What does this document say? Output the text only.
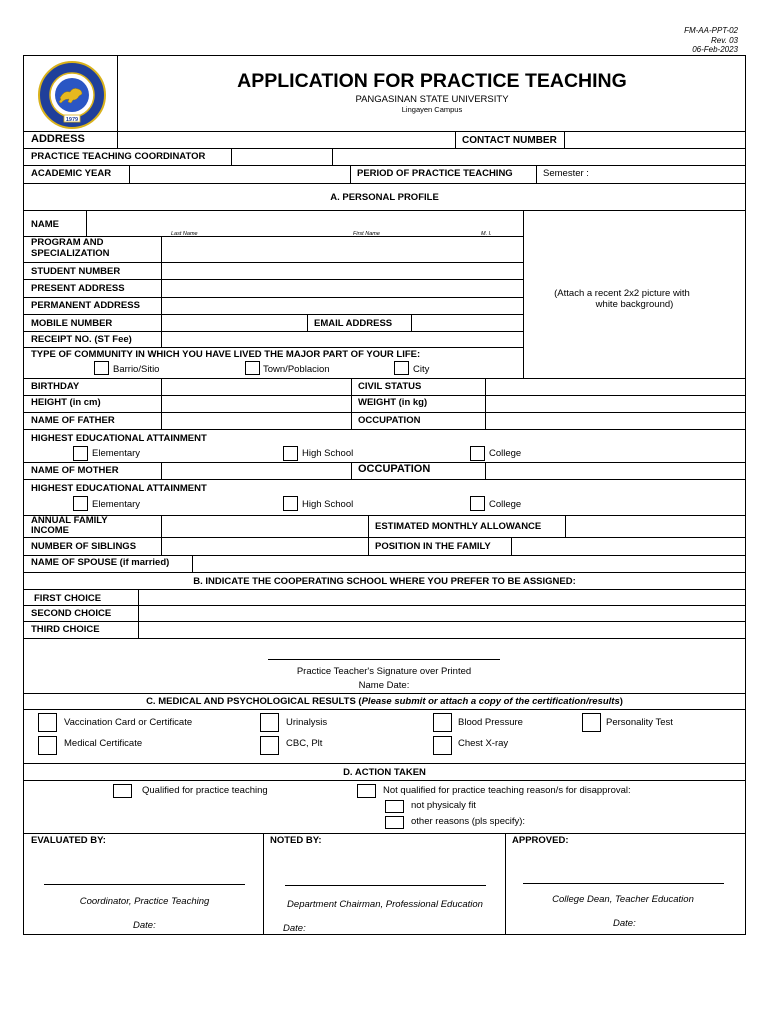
FM-AA-PPT-02
Rev. 03
06-Feb-2023
1979
APPLICATION FOR PRACTICE TEACHING
PANGASINAN STATE UNIVERSITY
Lingayen Campus
ADDRESS	CONTACT NUMBER
PRACTICE TEACHING COORDINATOR
ACADEMIC YEAR	PERIOD OF PRACTICE TEACHING	Semester :
A. PERSONAL PROFILE
(Attach a recent 2x2 picture with
white background)
NAME
Last Name	First Name	M. I.
PROGRAM AND SPECIALIZATION
STUDENT NUMBER
PRESENT ADDRESS
PERMANENT ADDRESS
MOBILE NUMBER	EMAIL ADDRESS
RECEIPT NO. (ST Fee)
TYPE OF COMMUNITY IN WHICH YOU HAVE LIVED THE MAJOR PART OF YOUR LIFE:
Barrio/Sitio	Town/Poblacion	City
BIRTHDAY	CIVIL STATUS
HEIGHT (in cm)	WEIGHT (in kg)
NAME OF FATHER	OCCUPATION
HIGHEST EDUCATIONAL ATTAINMENT
Elementary	High School	College
NAME OF MOTHER	OCCUPATION
HIGHEST EDUCATIONAL ATTAINMENT
Elementary	High School	College
ANNUAL FAMILY
INCOME	ESTIMATED MONTHLY ALLOWANCE
NUMBER OF SIBLINGS	POSITION IN THE FAMILY
NAME OF SPOUSE (if married)
B. INDICATE THE COOPERATING SCHOOL WHERE YOU PREFER TO BE ASSIGNED:
FIRST CHOICE
SECOND CHOICE
THIRD CHOICE
Practice Teacher's Signature over Printed
Name Date:
C. MEDICAL AND PSYCHOLOGICAL RESULTS (Please submit or attach a copy of the certification/results)
Vaccination Card or Certificate	Urinalysis	Blood Pressure	Personality Test
Medical Certificate	CBC, Plt	Chest X-ray
D. ACTION TAKEN
Qualified for practice teaching	Not qualified for practice teaching reason/s for disapproval:
not physicaly fit
other reasons (pls specify):
EVALUATED BY:	NOTED BY:	APPROVED:
Coordinator, Practice Teaching
Date:
Department Chairman, Professional Education
Date:
College Dean, Teacher Education
Date:
